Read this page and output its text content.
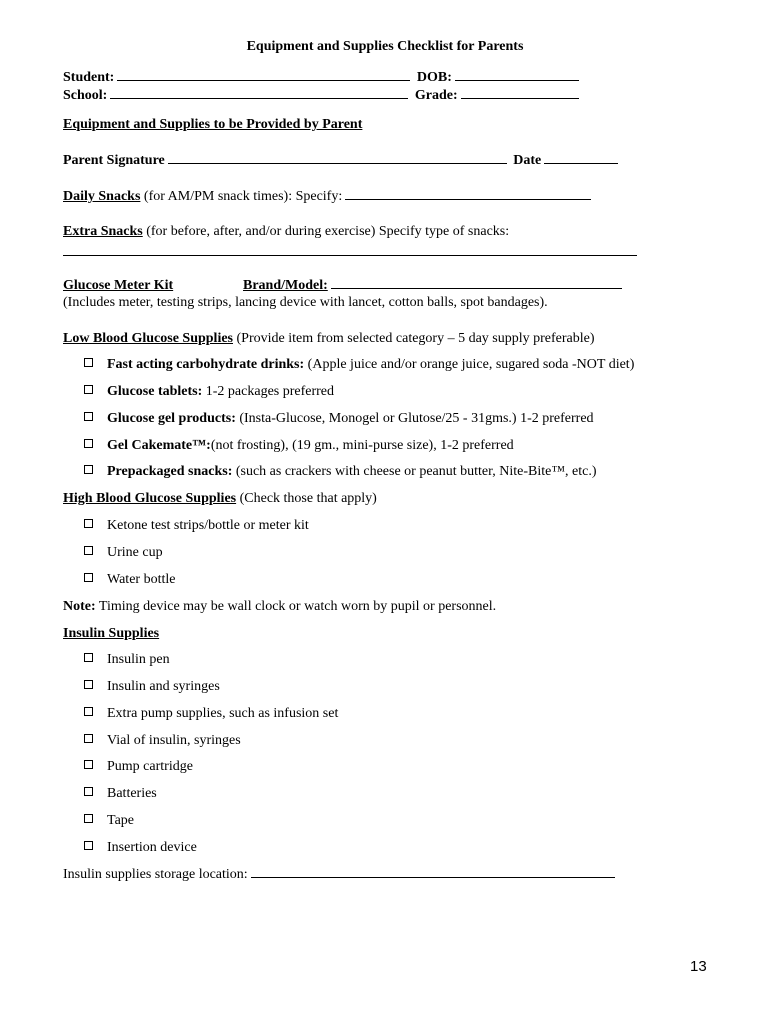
Equipment and Supplies Checklist for Parents
Student:	DOB:
School:	Grade:
Equipment and Supplies to be Provided by Parent
Parent Signature	Date
Daily Snacks (for AM/PM snack times): Specify:
Extra Snacks (for before, after, and/or during exercise) Specify type of snacks:
Glucose Meter Kit	Brand/Model:
(Includes meter, testing strips, lancing device with lancet, cotton balls, spot bandages).
Low Blood Glucose Supplies (Provide item from selected category – 5 day supply preferable)
Fast acting carbohydrate drinks: (Apple juice and/or orange juice, sugared soda -NOT diet)
Glucose tablets: 1-2 packages preferred
Glucose gel products: (Insta-Glucose, Monogel or Glutose/25 - 31gms.) 1-2 preferred
Gel Cakemate™:(not frosting), (19 gm., mini-purse size), 1-2 preferred
Prepackaged snacks: (such as crackers with cheese or peanut butter, Nite-Bite™, etc.)
High Blood Glucose Supplies (Check those that apply)
Ketone test strips/bottle or meter kit
Urine cup
Water bottle
Note: Timing device may be wall clock or watch worn by pupil or personnel.
Insulin Supplies
Insulin pen
Insulin and syringes
Extra pump supplies, such as infusion set
Vial of insulin, syringes
Pump cartridge
Batteries
Tape
Insertion device
Insulin supplies storage location:
13
